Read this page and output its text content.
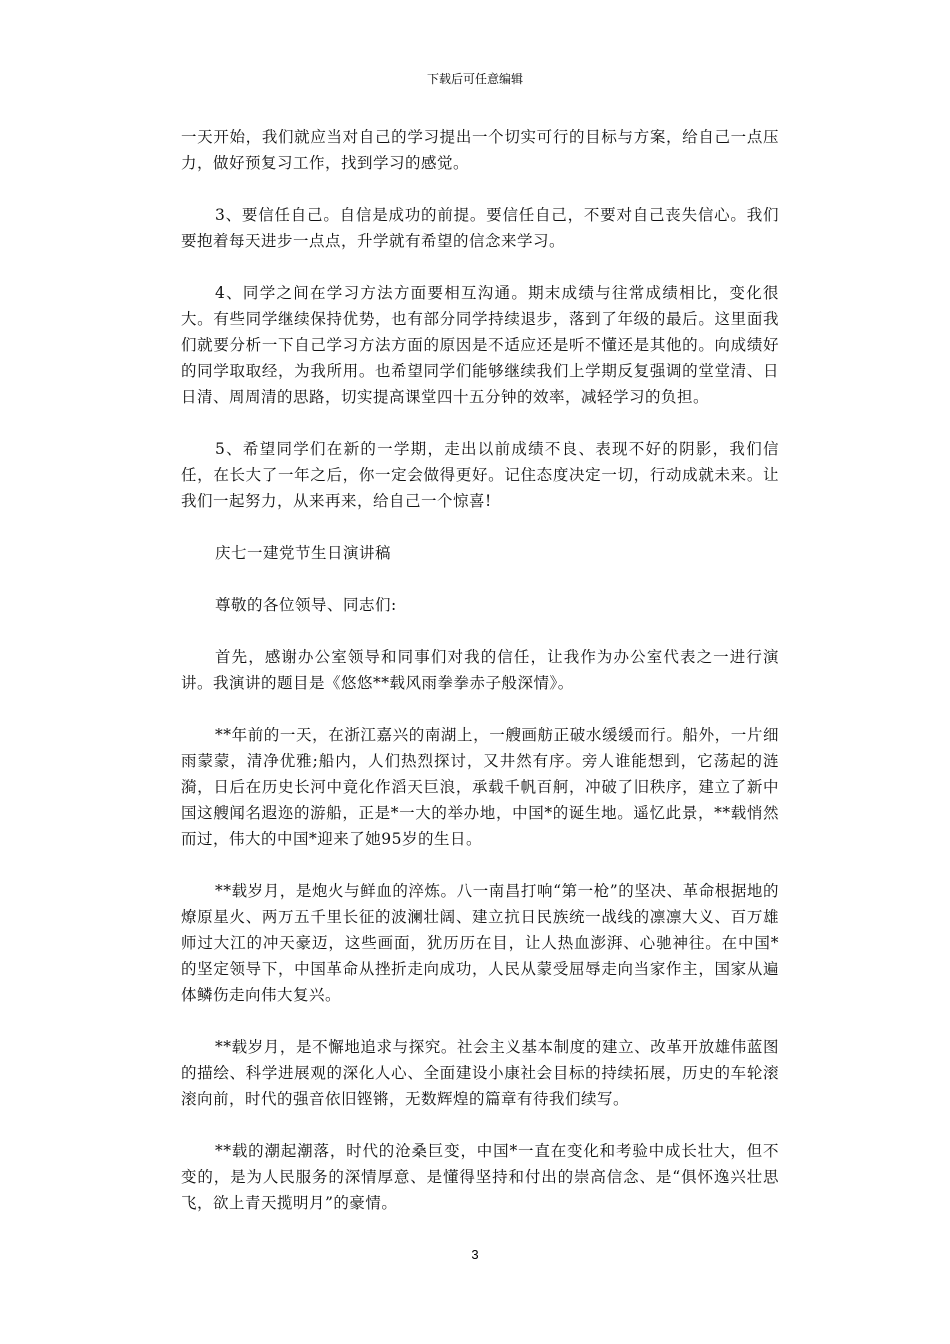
下载后可任意编辑

一天开始，我们就应当对自己的学习提出一个切实可行的目标与方案，给自己一点压力，做好预复习工作，找到学习的感觉。

3、要信任自己。自信是成功的前提。要信任自己，不要对自己丧失信心。我们要抱着每天进步一点点，升学就有希望的信念来学习。

4、同学之间在学习方法方面要相互沟通。期末成绩与往常成绩相比，变化很大。有些同学继续保持优势，也有部分同学持续退步，落到了年级的最后。这里面我们就要分析一下自己学习方法方面的原因是不适应还是听不懂还是其他的。向成绩好的同学取取经，为我所用。也希望同学们能够继续我们上学期反复强调的堂堂清、日日清、周周清的思路，切实提高课堂四十五分钟的效率，减轻学习的负担。

5、希望同学们在新的一学期，走出以前成绩不良、表现不好的阴影，我们信任，在长大了一年之后，你一定会做得更好。记住态度决定一切，行动成就未来。让我们一起努力，从来再来，给自己一个惊喜!

庆七一建党节生日演讲稿

尊敬的各位领导、同志们:

首先，感谢办公室领导和同事们对我的信任，让我作为办公室代表之一进行演讲。我演讲的题目是《悠悠**载风雨拳拳赤子般深情》。

**年前的一天，在浙江嘉兴的南湖上，一艘画舫正破水缓缓而行。船外，一片细雨蒙蒙，清净优雅;船内，人们热烈探讨，又井然有序。旁人谁能想到，它荡起的涟漪，日后在历史长河中竟化作滔天巨浪，承载千帆百舸，冲破了旧秩序，建立了新中国这艘闻名遐迩的游船，正是*一大的举办地，中国*的诞生地。遥忆此景，**载悄然而过，伟大的中国*迎来了她95岁的生日。

**载岁月，是炮火与鲜血的淬炼。八一南昌打响“第一枪”的坚决、革命根据地的燎原星火、两万五千里长征的波澜壮阔、建立抗日民族统一战线的凛凛大义、百万雄师过大江的冲天豪迈，这些画面，犹历历在目，让人热血澎湃、心驰神往。在中国*的坚定领导下，中国革命从挫折走向成功，人民从蒙受屈辱走向当家作主，国家从遍体鳞伤走向伟大复兴。

**载岁月，是不懈地追求与探究。社会主义基本制度的建立、改革开放雄伟蓝图的描绘、科学进展观的深化人心、全面建设小康社会目标的持续拓展，历史的车轮滚滚向前，时代的强音依旧铿锵，无数辉煌的篇章有待我们续写。

**载的潮起潮落，时代的沧桑巨变，中国*一直在变化和考验中成长壮大，但不变的，是为人民服务的深情厚意、是懂得坚持和付出的崇高信念、是“俱怀逸兴壮思飞，欲上青天揽明月”的豪情。

3
